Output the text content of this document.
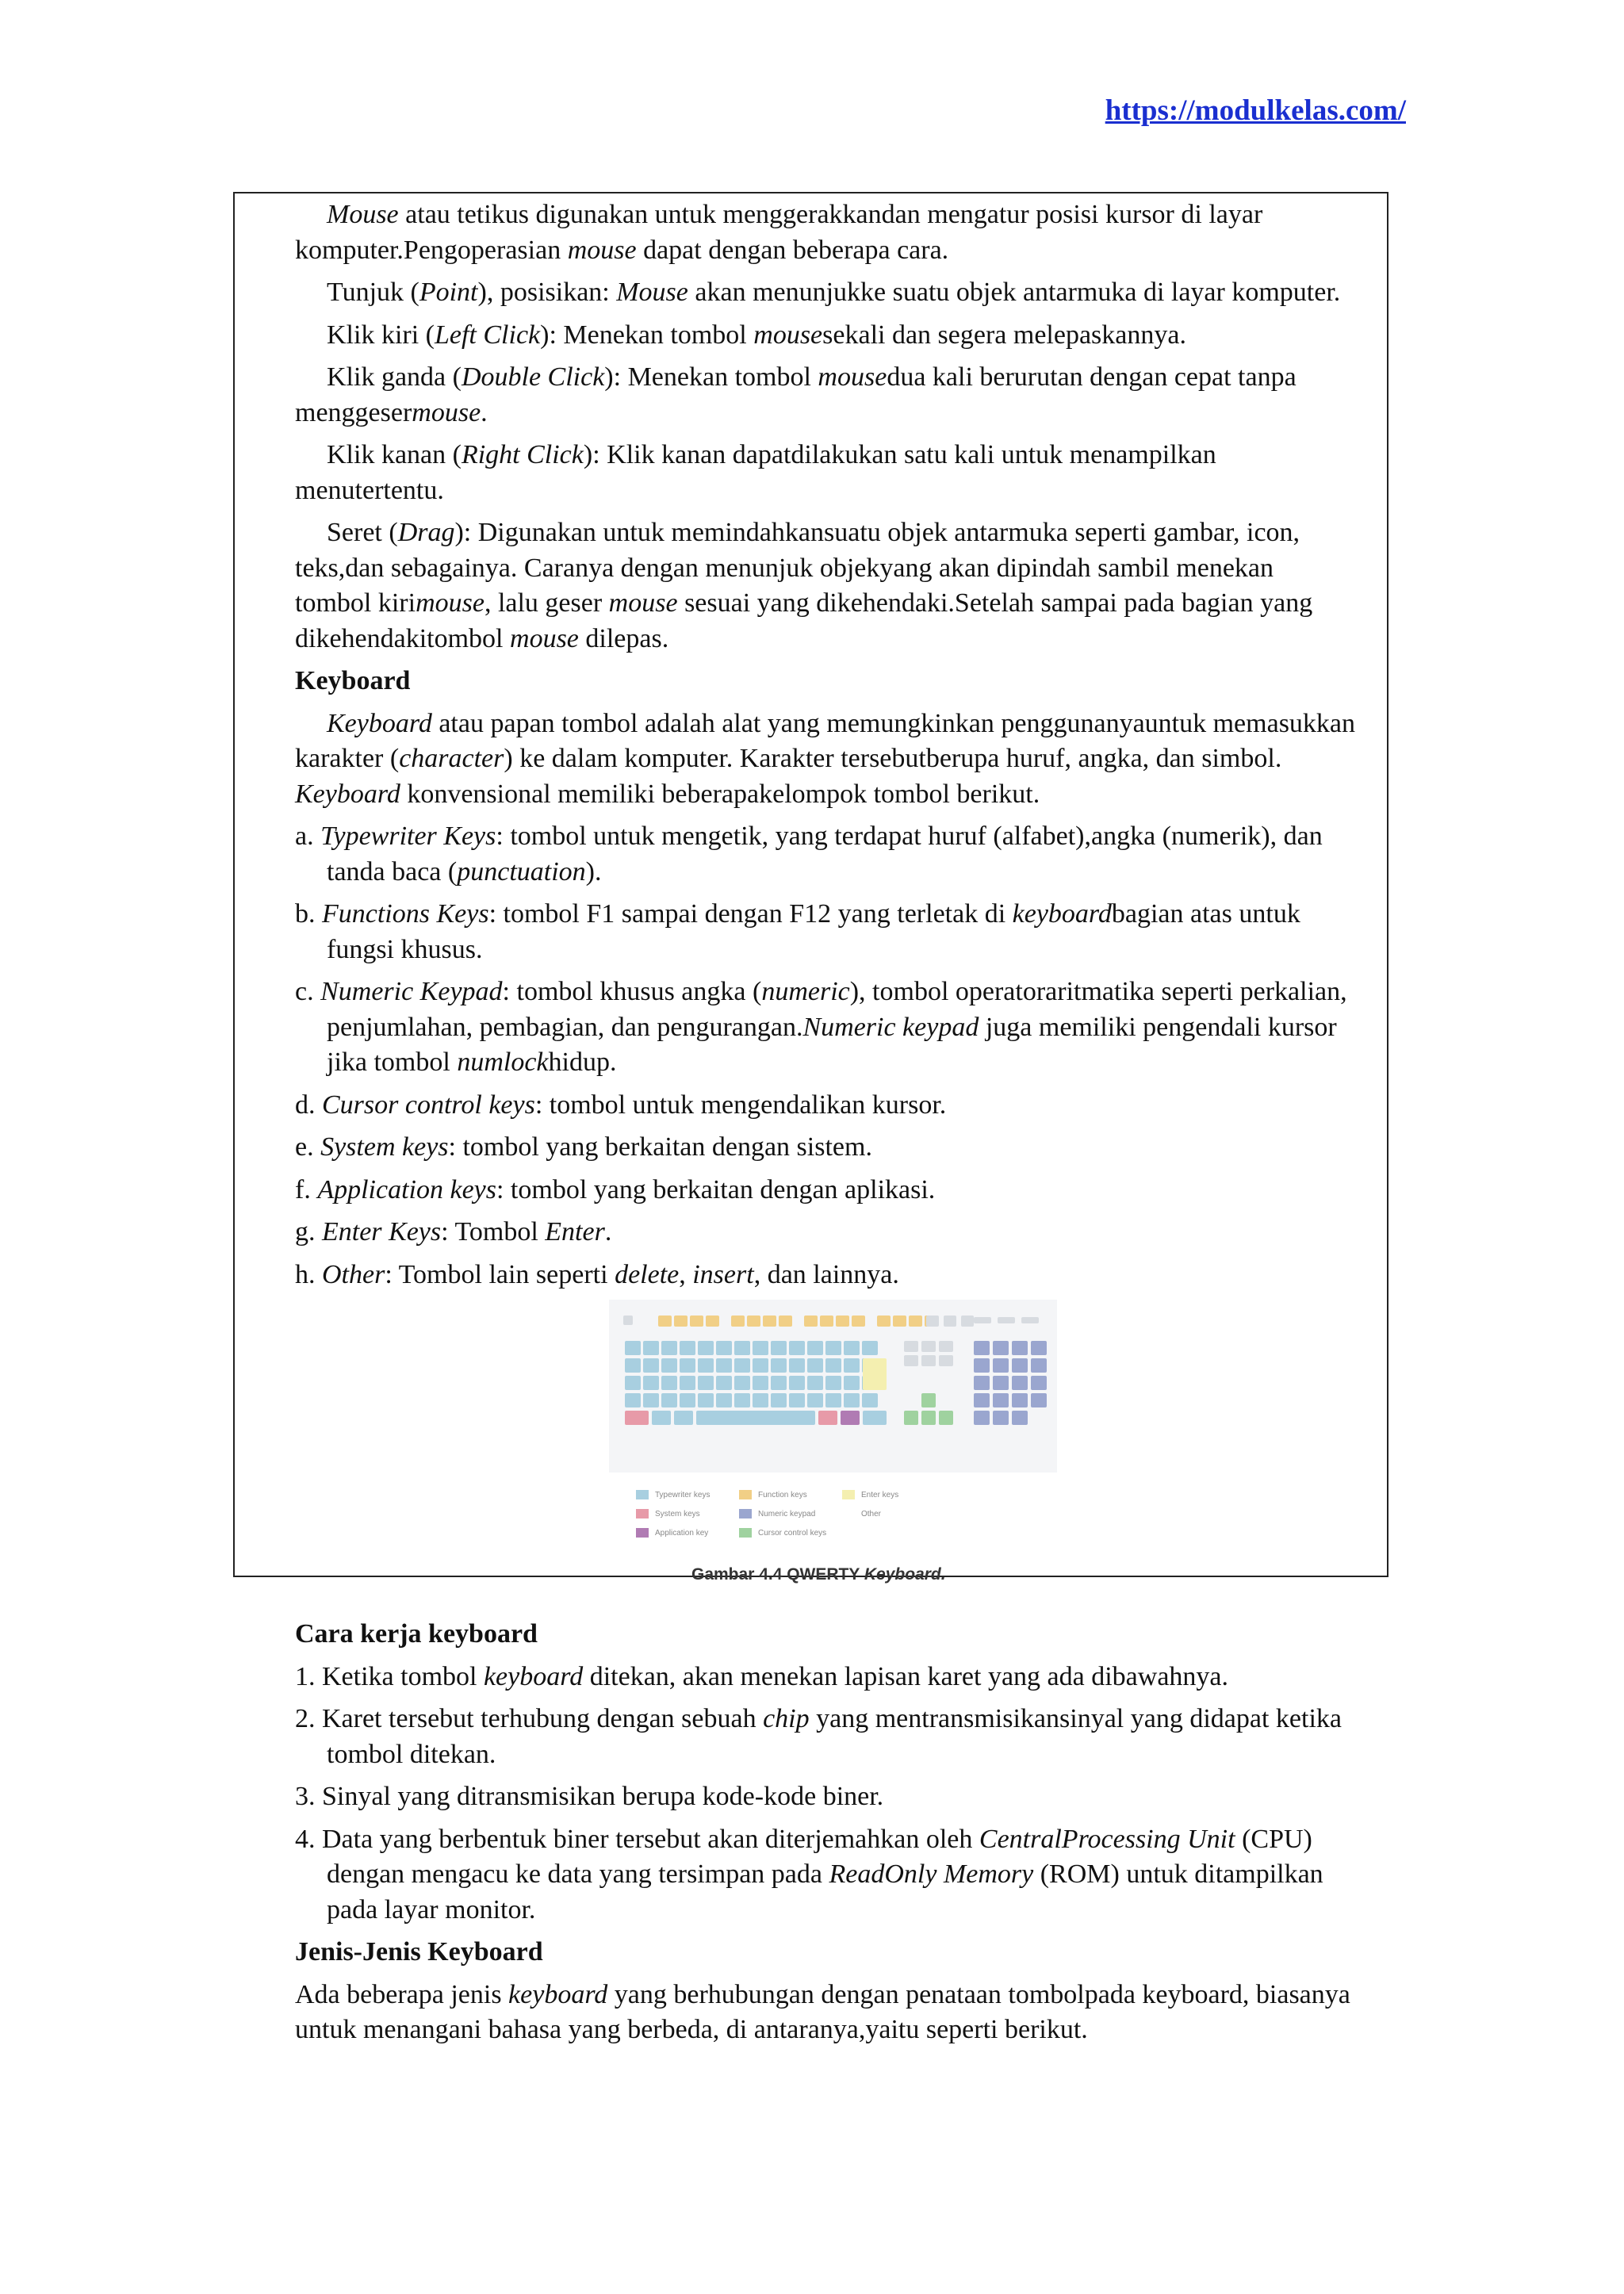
https://modulkelas.com/

Mouse atau tetikus digunakan untuk menggerakkandan mengatur posisi kursor di layar komputer.Pengoperasian mouse dapat dengan beberapa cara.

Tunjuk (Point), posisikan: Mouse akan menunjukke suatu objek antarmuka di layar komputer.

Klik kiri (Left Click): Menekan tombol mousesekali dan segera melepaskannya.

Klik ganda (Double Click): Menekan tombol mousedua kali berurutan dengan cepat tanpa menggesermouse.

Klik kanan (Right Click): Klik kanan dapatdilakukan satu kali untuk menampilkan menutertentu.

Seret (Drag): Digunakan untuk memindahkansuatu objek antarmuka seperti gambar, icon, teks,dan sebagainya. Caranya dengan menunjuk objekyang akan dipindah sambil menekan tombol kirimouse, lalu geser mouse sesuai yang dikehendaki.Setelah sampai pada bagian yang dikehendakitombol mouse dilepas.

Keyboard

Keyboard atau papan tombol adalah alat yang memungkinkan penggunanyauntuk memasukkan karakter (character) ke dalam komputer. Karakter tersebutberupa huruf, angka, dan simbol. Keyboard konvensional memiliki beberapakelompok tombol berikut.

a. Typewriter Keys: tombol untuk mengetik, yang terdapat huruf (alfabet),angka (numerik), dan tanda baca (punctuation).
b. Functions Keys: tombol F1 sampai dengan F12 yang terletak di keyboardbagian atas untuk fungsi khusus.
c. Numeric Keypad: tombol khusus angka (numeric), tombol operatoraritmatika seperti perkalian, penjumlahan, pembagian, dan pengurangan.Numeric keypad juga memiliki pengendali kursor jika tombol numlockhidup.
d. Cursor control keys: tombol untuk mengendalikan kursor.
e. System keys: tombol yang berkaitan dengan sistem.
f. Application keys: tombol yang berkaitan dengan aplikasi.
g. Enter Keys: Tombol Enter.
h. Other: Tombol lain seperti delete, insert, dan lainnya.
Typewriter keys	Function keys	Enter keys
System keys	Numeric keypad	Other
Application key	Cursor control keys
Gambar 4.4 QWERTY Keyboard.
Cara kerja keyboard
1. Ketika tombol keyboard ditekan, akan menekan lapisan karet yang ada dibawahnya.
2. Karet tersebut terhubung dengan sebuah chip yang mentransmisikansinyal yang didapat ketika tombol ditekan.
3. Sinyal yang ditransmisikan berupa kode-kode biner.
4. Data yang berbentuk biner tersebut akan diterjemahkan oleh CentralProcessing Unit (CPU) dengan mengacu ke data yang tersimpan pada ReadOnly Memory (ROM) untuk ditampilkan pada layar monitor.
Jenis-Jenis Keyboard

Ada beberapa jenis keyboard yang berhubungan dengan penataan tombolpada keyboard, biasanya untuk menangani bahasa yang berbeda, di antaranya,yaitu seperti berikut.
